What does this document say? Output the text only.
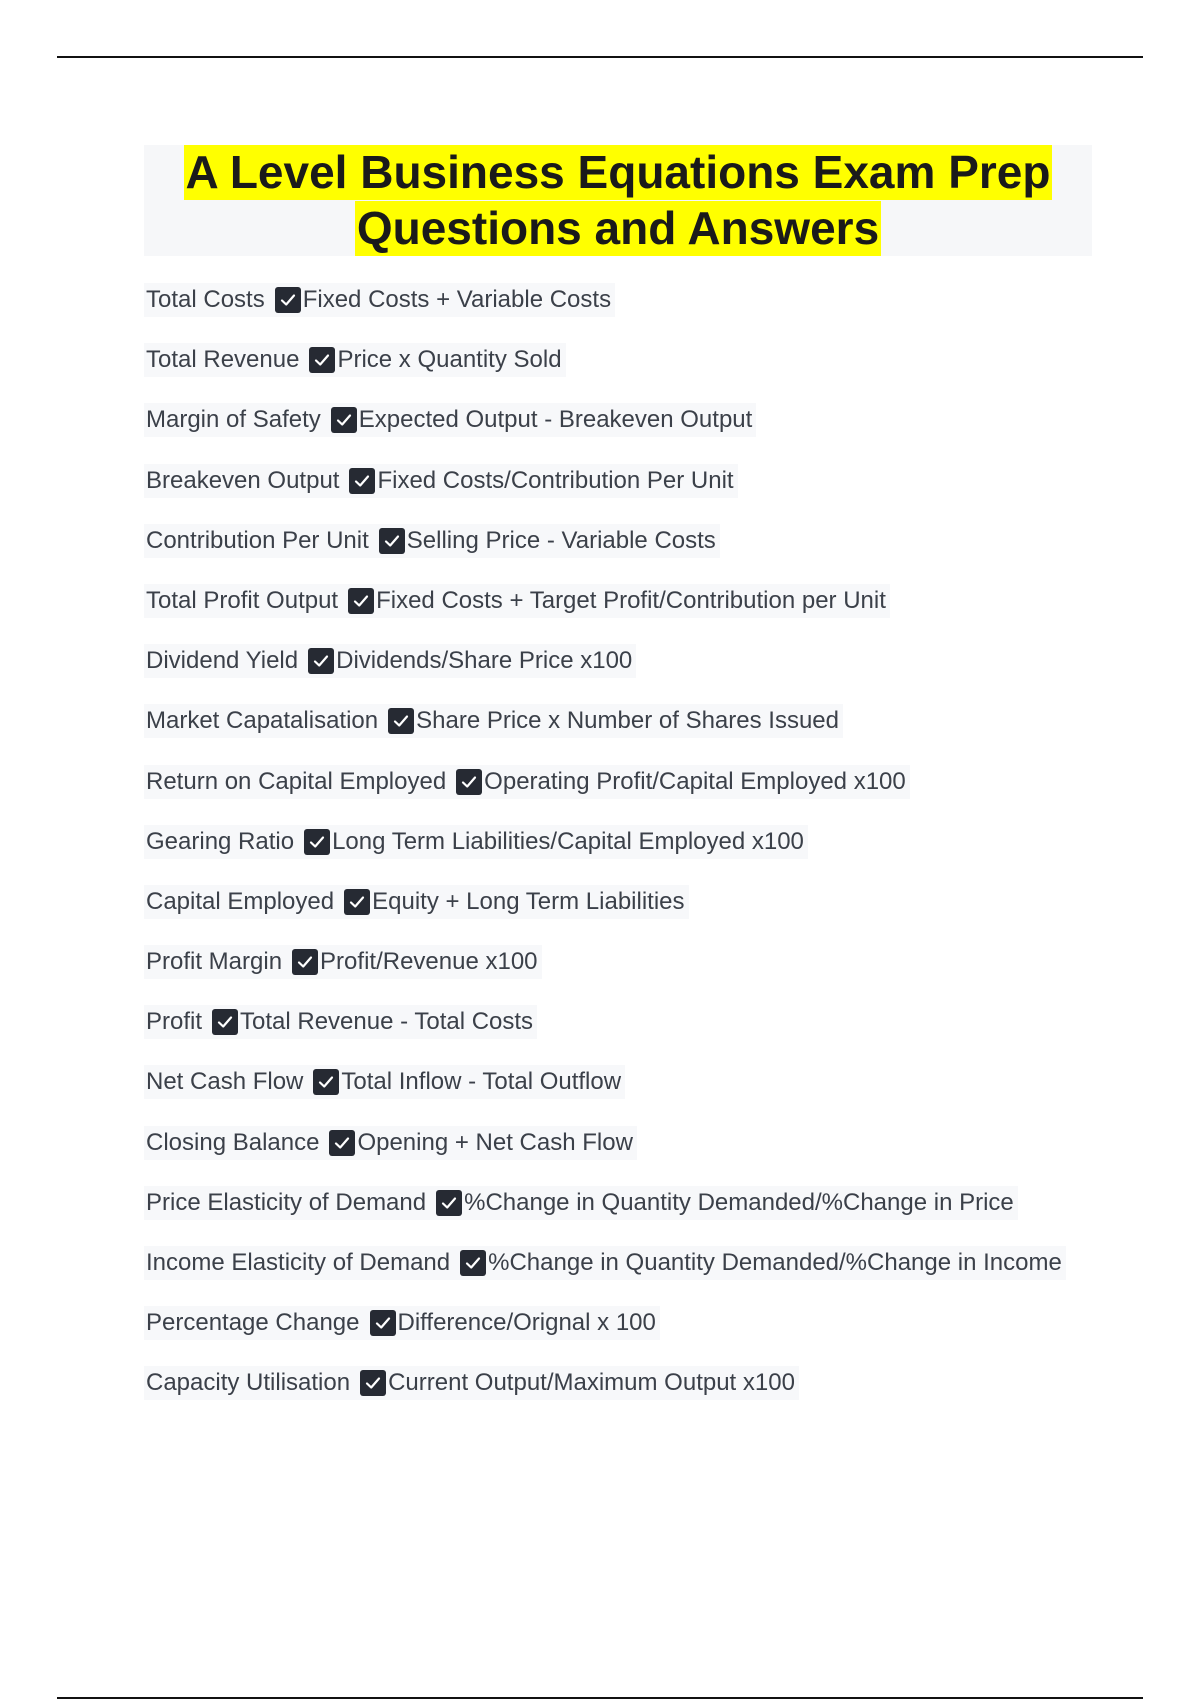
A Level Business Equations Exam Prep
Questions and Answers
Total Costs Fixed Costs + Variable Costs
Total Revenue Price x Quantity Sold
Margin of Safety Expected Output - Breakeven Output
Breakeven Output Fixed Costs/Contribution Per Unit
Contribution Per Unit Selling Price - Variable Costs
Total Profit Output Fixed Costs + Target Profit/Contribution per Unit
Dividend Yield Dividends/Share Price x100
Market Capatalisation Share Price x Number of Shares Issued
Return on Capital Employed Operating Profit/Capital Employed x100
Gearing Ratio Long Term Liabilities/Capital Employed x100
Capital Employed Equity + Long Term Liabilities
Profit Margin Profit/Revenue x100
Profit Total Revenue - Total Costs
Net Cash Flow Total Inflow - Total Outflow
Closing Balance Opening + Net Cash Flow
Price Elasticity of Demand %Change in Quantity Demanded/%Change in Price
Income Elasticity of Demand %Change in Quantity Demanded/%Change in Income
Percentage Change Difference/Orignal x 100
Capacity Utilisation Current Output/Maximum Output x100
